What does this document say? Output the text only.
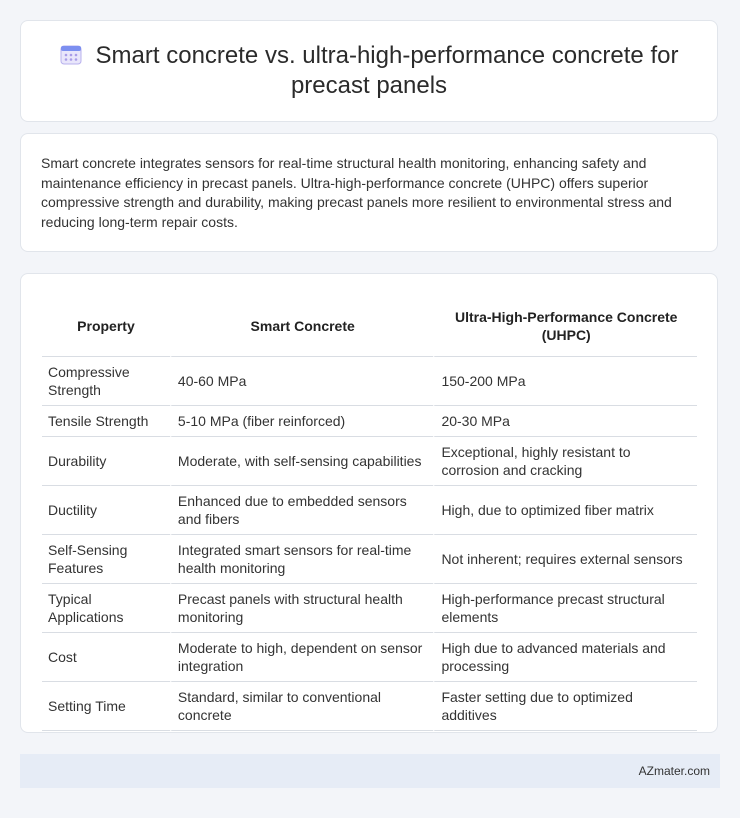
Smart concrete vs. ultra-high-performance concrete for precast panels

Smart concrete integrates sensors for real-time structural health monitoring, enhancing safety and maintenance efficiency in precast panels. Ultra-high-performance concrete (UHPC) offers superior compressive strength and durability, making precast panels more resilient to environmental stress and reducing long-term repair costs.

Property	Smart Concrete	Ultra-High-Performance Concrete (UHPC)
Compressive Strength	40-60 MPa	150-200 MPa
Tensile Strength	5-10 MPa (fiber reinforced)	20-30 MPa
Durability	Moderate, with self-sensing capabilities	Exceptional, highly resistant to corrosion and cracking
Ductility	Enhanced due to embedded sensors and fibers	High, due to optimized fiber matrix
Self-Sensing Features	Integrated smart sensors for real-time health monitoring	Not inherent; requires external sensors
Typical Applications	Precast panels with structural health monitoring	High-performance precast structural elements
Cost	Moderate to high, dependent on sensor integration	High due to advanced materials and processing
Setting Time	Standard, similar to conventional concrete	Faster setting due to optimized additives
AZmater.com
